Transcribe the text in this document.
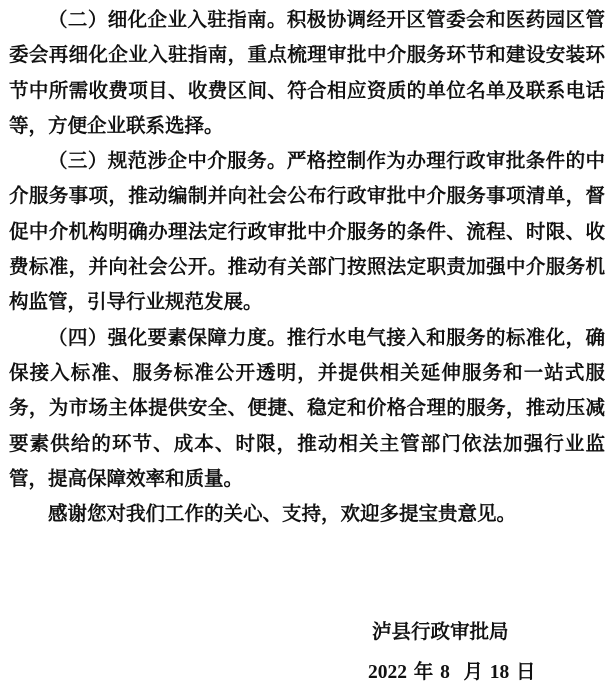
（二）细化企业入驻指南。积极协调经开区管委会和医药园区管委会再细化企业入驻指南，重点梳理审批中介服务环节和建设安装环节中所需收费项目、收费区间、符合相应资质的单位名单及联系电话等，方便企业联系选择。

（三）规范涉企中介服务。严格控制作为办理行政审批条件的中介服务事项，推动编制并向社会公布行政审批中介服务事项清单，督促中介机构明确办理法定行政审批中介服务的条件、流程、时限、收费标准，并向社会公开。推动有关部门按照法定职责加强中介服务机构监管，引导行业规范发展。

（四）强化要素保障力度。推行水电气接入和服务的标准化，确保接入标准、服务标准公开透明，并提供相关延伸服务和一站式服务，为市场主体提供安全、便捷、稳定和价格合理的服务，推动压减要素供给的环节、成本、时限，推动相关主管部门依法加强行业监管，提高保障效率和质量。

感谢您对我们工作的关心、支持，欢迎多提宝贵意见。

泸县行政审批局
2022 年 8 月 18 日
